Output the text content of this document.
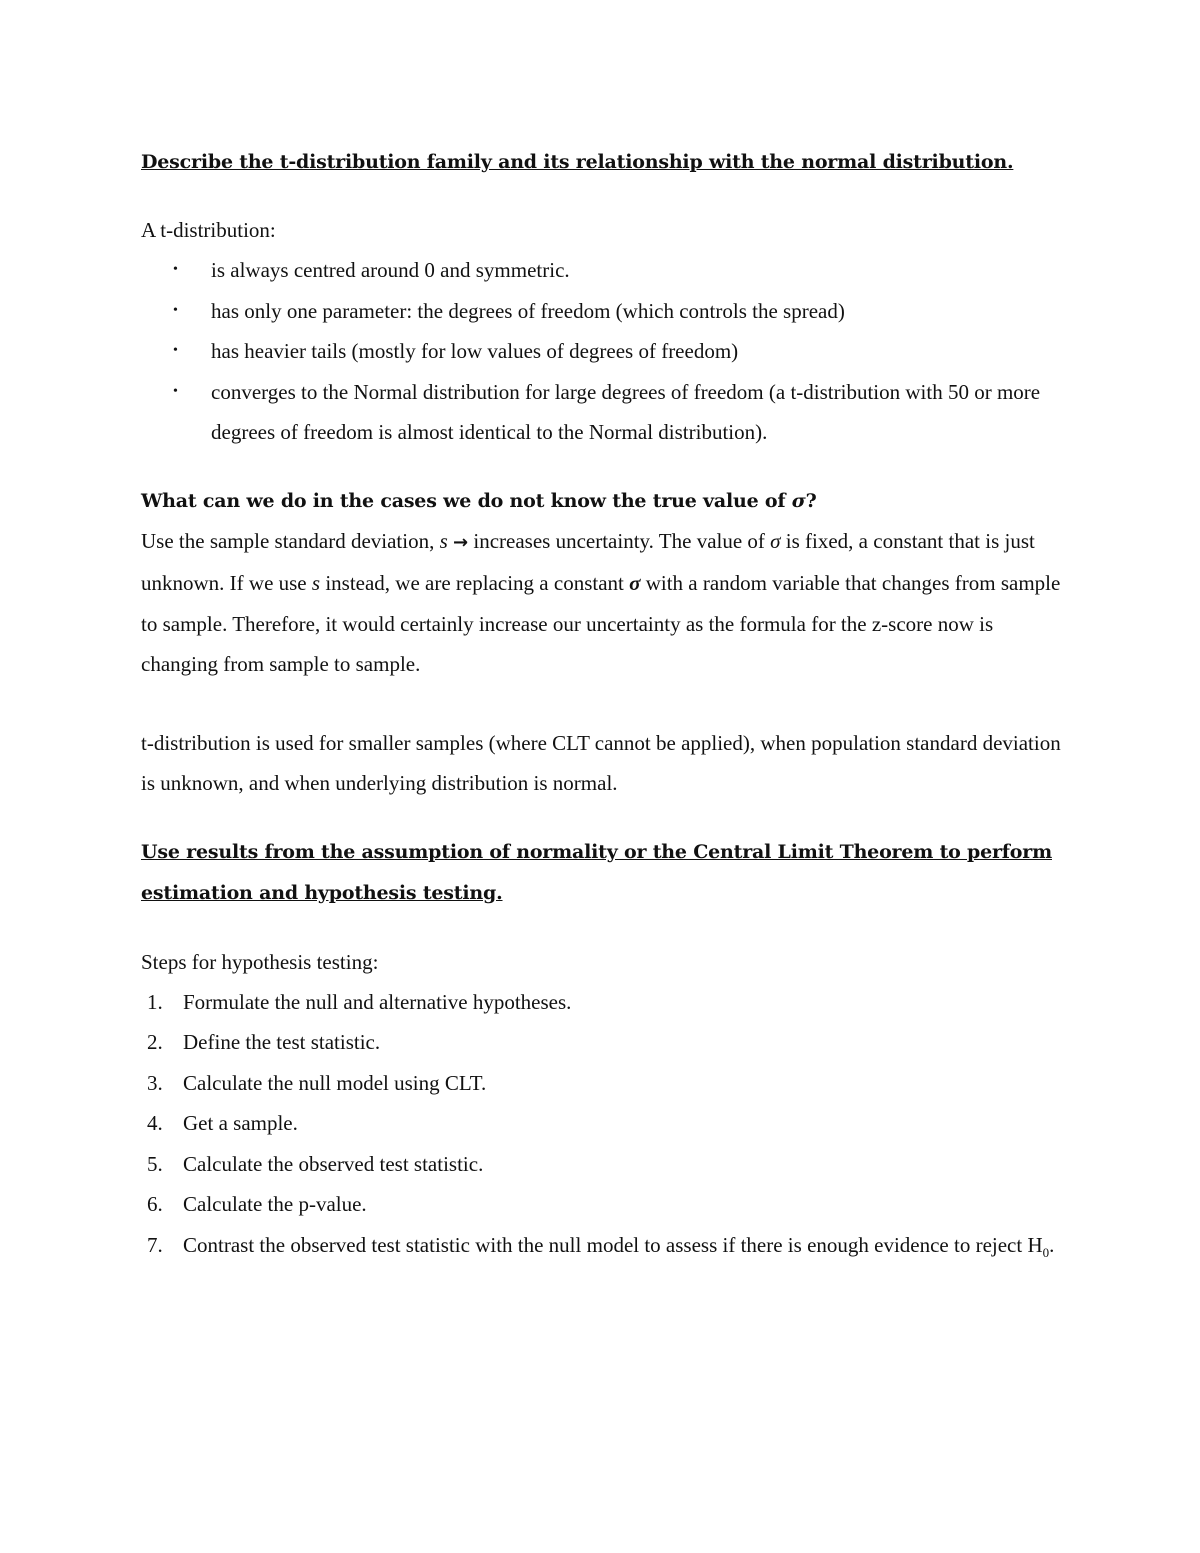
Describe the t-distribution family and its relationship with the normal distribution.
A t-distribution:
• is always centred around 0 and symmetric.
• has only one parameter: the degrees of freedom (which controls the spread)
• has heavier tails (mostly for low values of degrees of freedom)
• converges to the Normal distribution for large degrees of freedom (a t-distribution with 50 or more degrees of freedom is almost identical to the Normal distribution).
What can we do in the cases we do not know the true value of σ?
Use the sample standard deviation, s → increases uncertainty. The value of σ is fixed, a constant that is just unknown. If we use s instead, we are replacing a constant σ with a random variable that changes from sample to sample. Therefore, it would certainly increase our uncertainty as the formula for the z-score now is changing from sample to sample.
t-distribution is used for smaller samples (where CLT cannot be applied), when population standard deviation is unknown, and when underlying distribution is normal.
Use results from the assumption of normality or the Central Limit Theorem to perform estimation and hypothesis testing.
Steps for hypothesis testing:
1. Formulate the null and alternative hypotheses.
2. Define the test statistic.
3. Calculate the null model using CLT.
4. Get a sample.
5. Calculate the observed test statistic.
6. Calculate the p-value.
7. Contrast the observed test statistic with the null model to assess if there is enough evidence to reject $H_0$.
